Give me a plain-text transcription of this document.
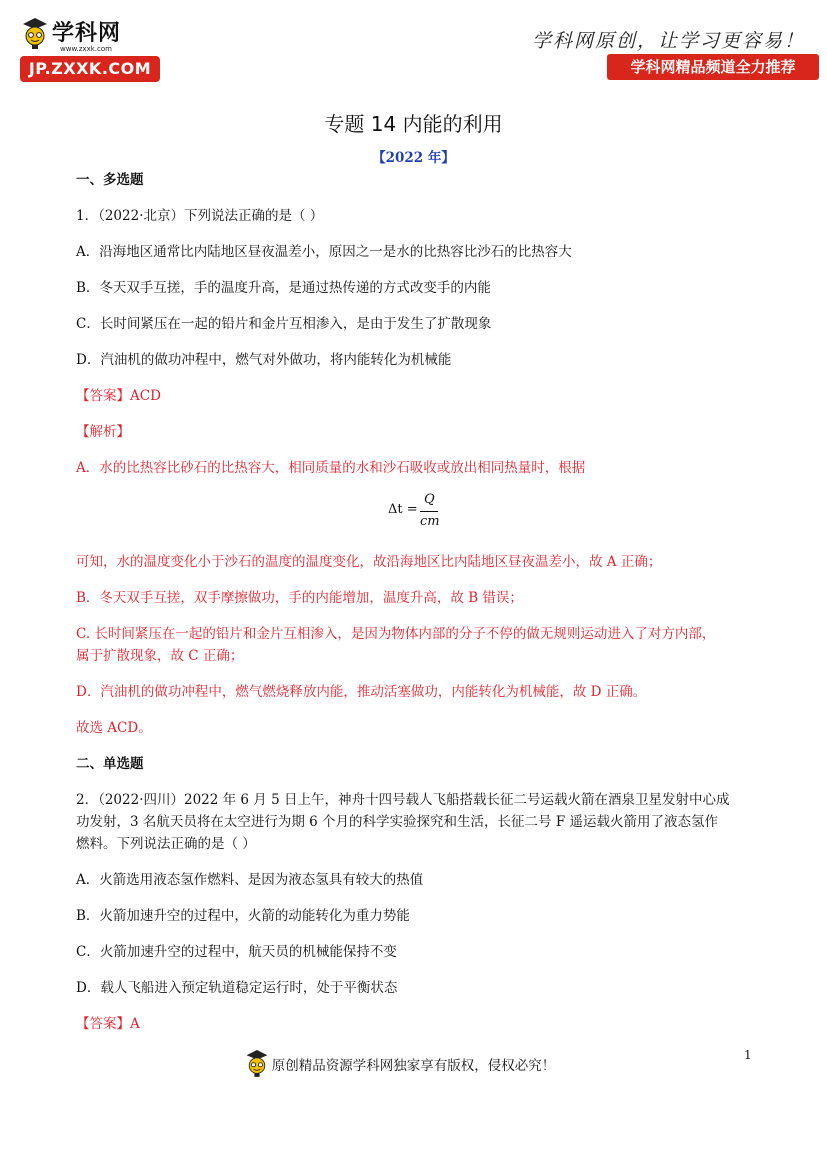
学科网
www.zxxk.com
JP.ZXXK.COM
学科网原创，让学习更容易！
学科网精品频道全力推荐
专题 14 内能的利用
【2022 年】
一、多选题
1．（2022·北京）下列说法正确的是（ ）
A．沿海地区通常比内陆地区昼夜温差小，原因之一是水的比热容比沙石的比热容大
B．冬天双手互搓，手的温度升高，是通过热传递的方式改变手的内能
C．长时间紧压在一起的铅片和金片互相渗入，是由于发生了扩散现象
D．汽油机的做功冲程中，燃气对外做功，将内能转化为机械能
【答案】ACD
【解析】
A．水的比热容比砂石的比热容大，相同质量的水和沙石吸收或放出相同热量时，根据
Δt =
Q
cm
可知，水的温度变化小于沙石的温度的温度变化，故沿海地区比内陆地区昼夜温差小，故 A 正确；
B．冬天双手互搓，双手摩擦做功，手的内能增加，温度升高，故 B 错误；
C. 长时间紧压在一起的铅片和金片互相渗入，是因为物体内部的分子不停的做无规则运动进入了对方内部，
属于扩散现象，故 C 正确；
D．汽油机的做功冲程中，燃气燃烧释放内能，推动活塞做功，内能转化为机械能，故 D 正确。
故选 ACD。
二、单选题
2．（2022·四川）2022 年 6 月 5 日上午，神舟十四号载人飞船搭载长征二号运载火箭在酒泉卫星发射中心成
功发射，3 名航天员将在太空进行为期 6 个月的科学实验探究和生活，长征二号 F 遥运载火箭用了液态氢作
燃料。下列说法正确的是（ ）
A．火箭选用液态氢作燃料、是因为液态氢具有较大的热值
B．火箭加速升空的过程中，火箭的动能转化为重力势能
C．火箭加速升空的过程中，航天员的机械能保持不变
D．载人飞船进入预定轨道稳定运行时，处于平衡状态
【答案】A
原创精品资源学科网独家享有版权，侵权必究！
1
